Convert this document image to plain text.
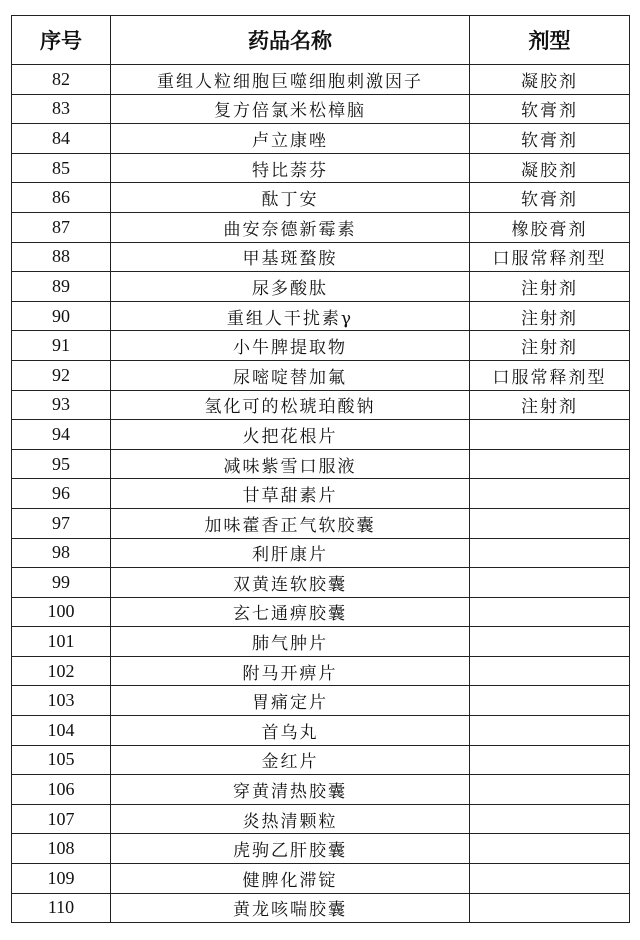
序号	药品名称	剂型
82	重组人粒细胞巨噬细胞刺激因子	凝胶剂
83	复方倍氯米松樟脑	软膏剂
84	卢立康唑	软膏剂
85	特比萘芬	凝胶剂
86	酞丁安	软膏剂
87	曲安奈德新霉素	橡胶膏剂
88	甲基斑蝥胺	口服常释剂型
89	尿多酸肽	注射剂
90	重组人干扰素γ	注射剂
91	小牛脾提取物	注射剂
92	尿嘧啶替加氟	口服常释剂型
93	氢化可的松琥珀酸钠	注射剂
94	火把花根片	
95	减味紫雪口服液	
96	甘草甜素片	
97	加味藿香正气软胶囊	
98	利肝康片	
99	双黄连软胶囊	
100	玄七通痹胶囊	
101	肺气肿片	
102	附马开痹片	
103	胃痛定片	
104	首乌丸	
105	金红片	
106	穿黄清热胶囊	
107	炎热清颗粒	
108	虎驹乙肝胶囊	
109	健脾化滞锭	
110	黄龙咳喘胶囊	
